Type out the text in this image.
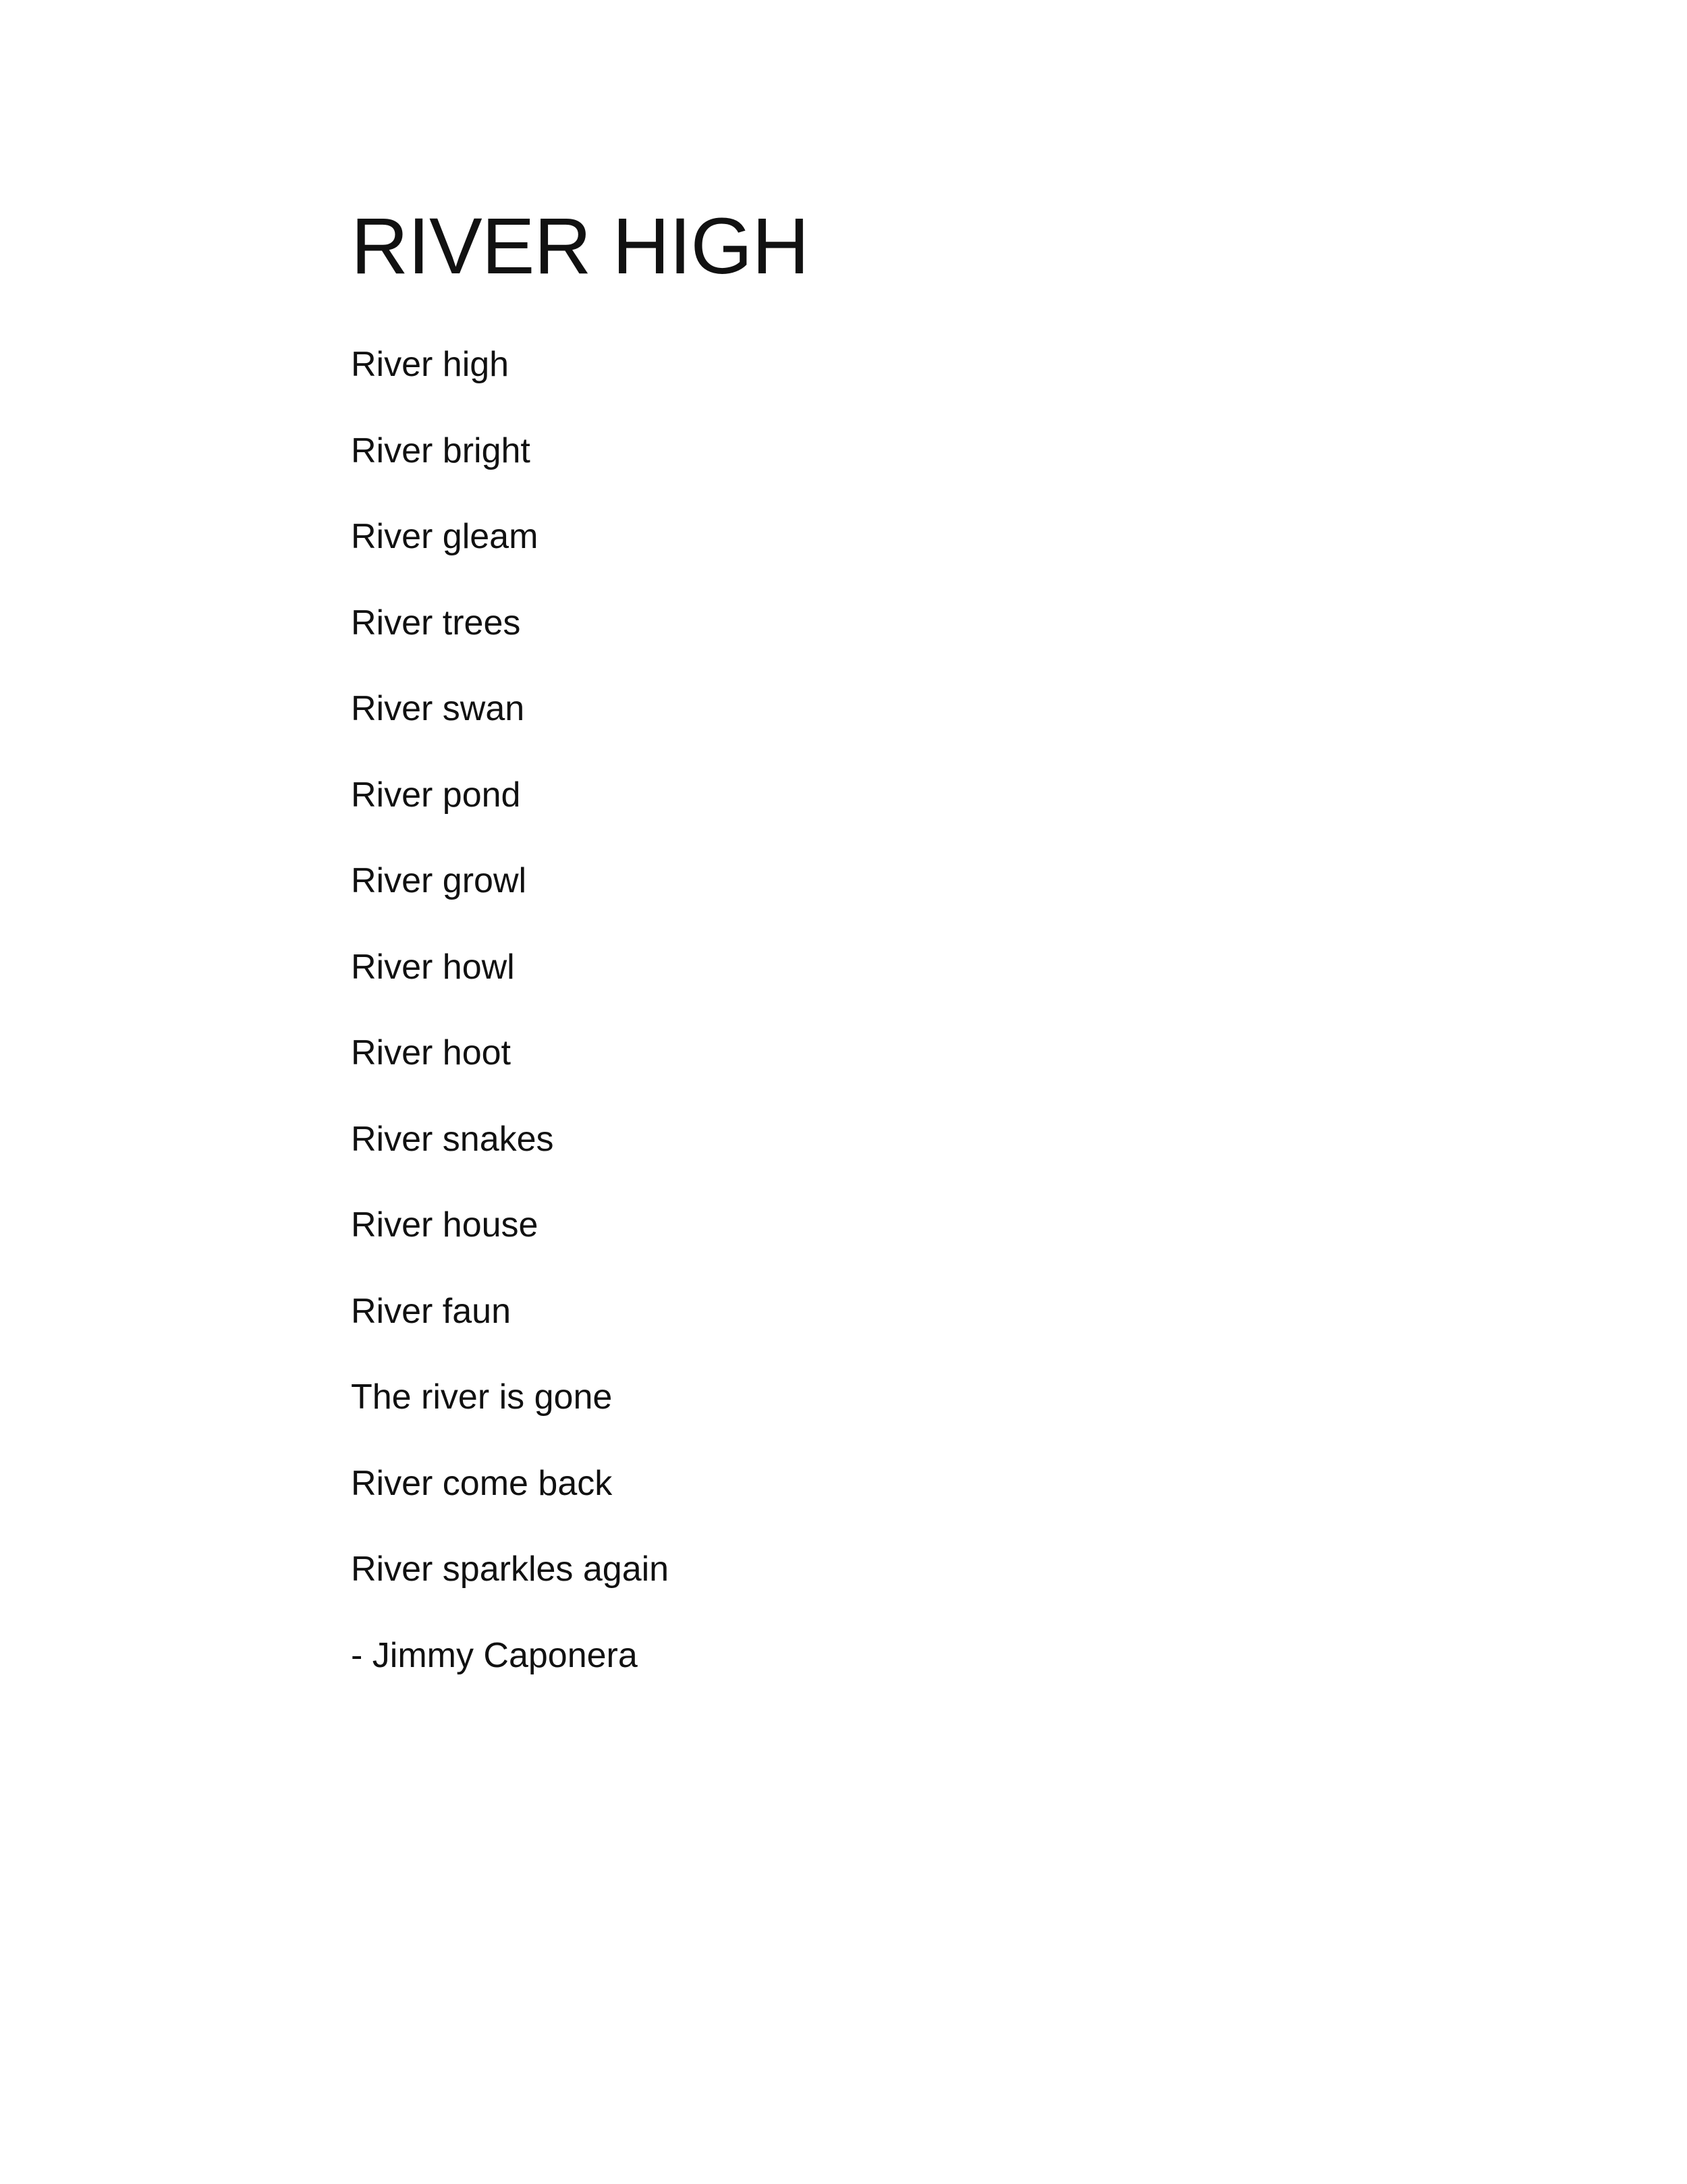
RIVER HIGH

River high

River bright

River gleam

River trees

River swan

River pond

River growl

River howl

River hoot

River snakes

River house

River faun

The river is gone

River come back

River sparkles again

- Jimmy Caponera
